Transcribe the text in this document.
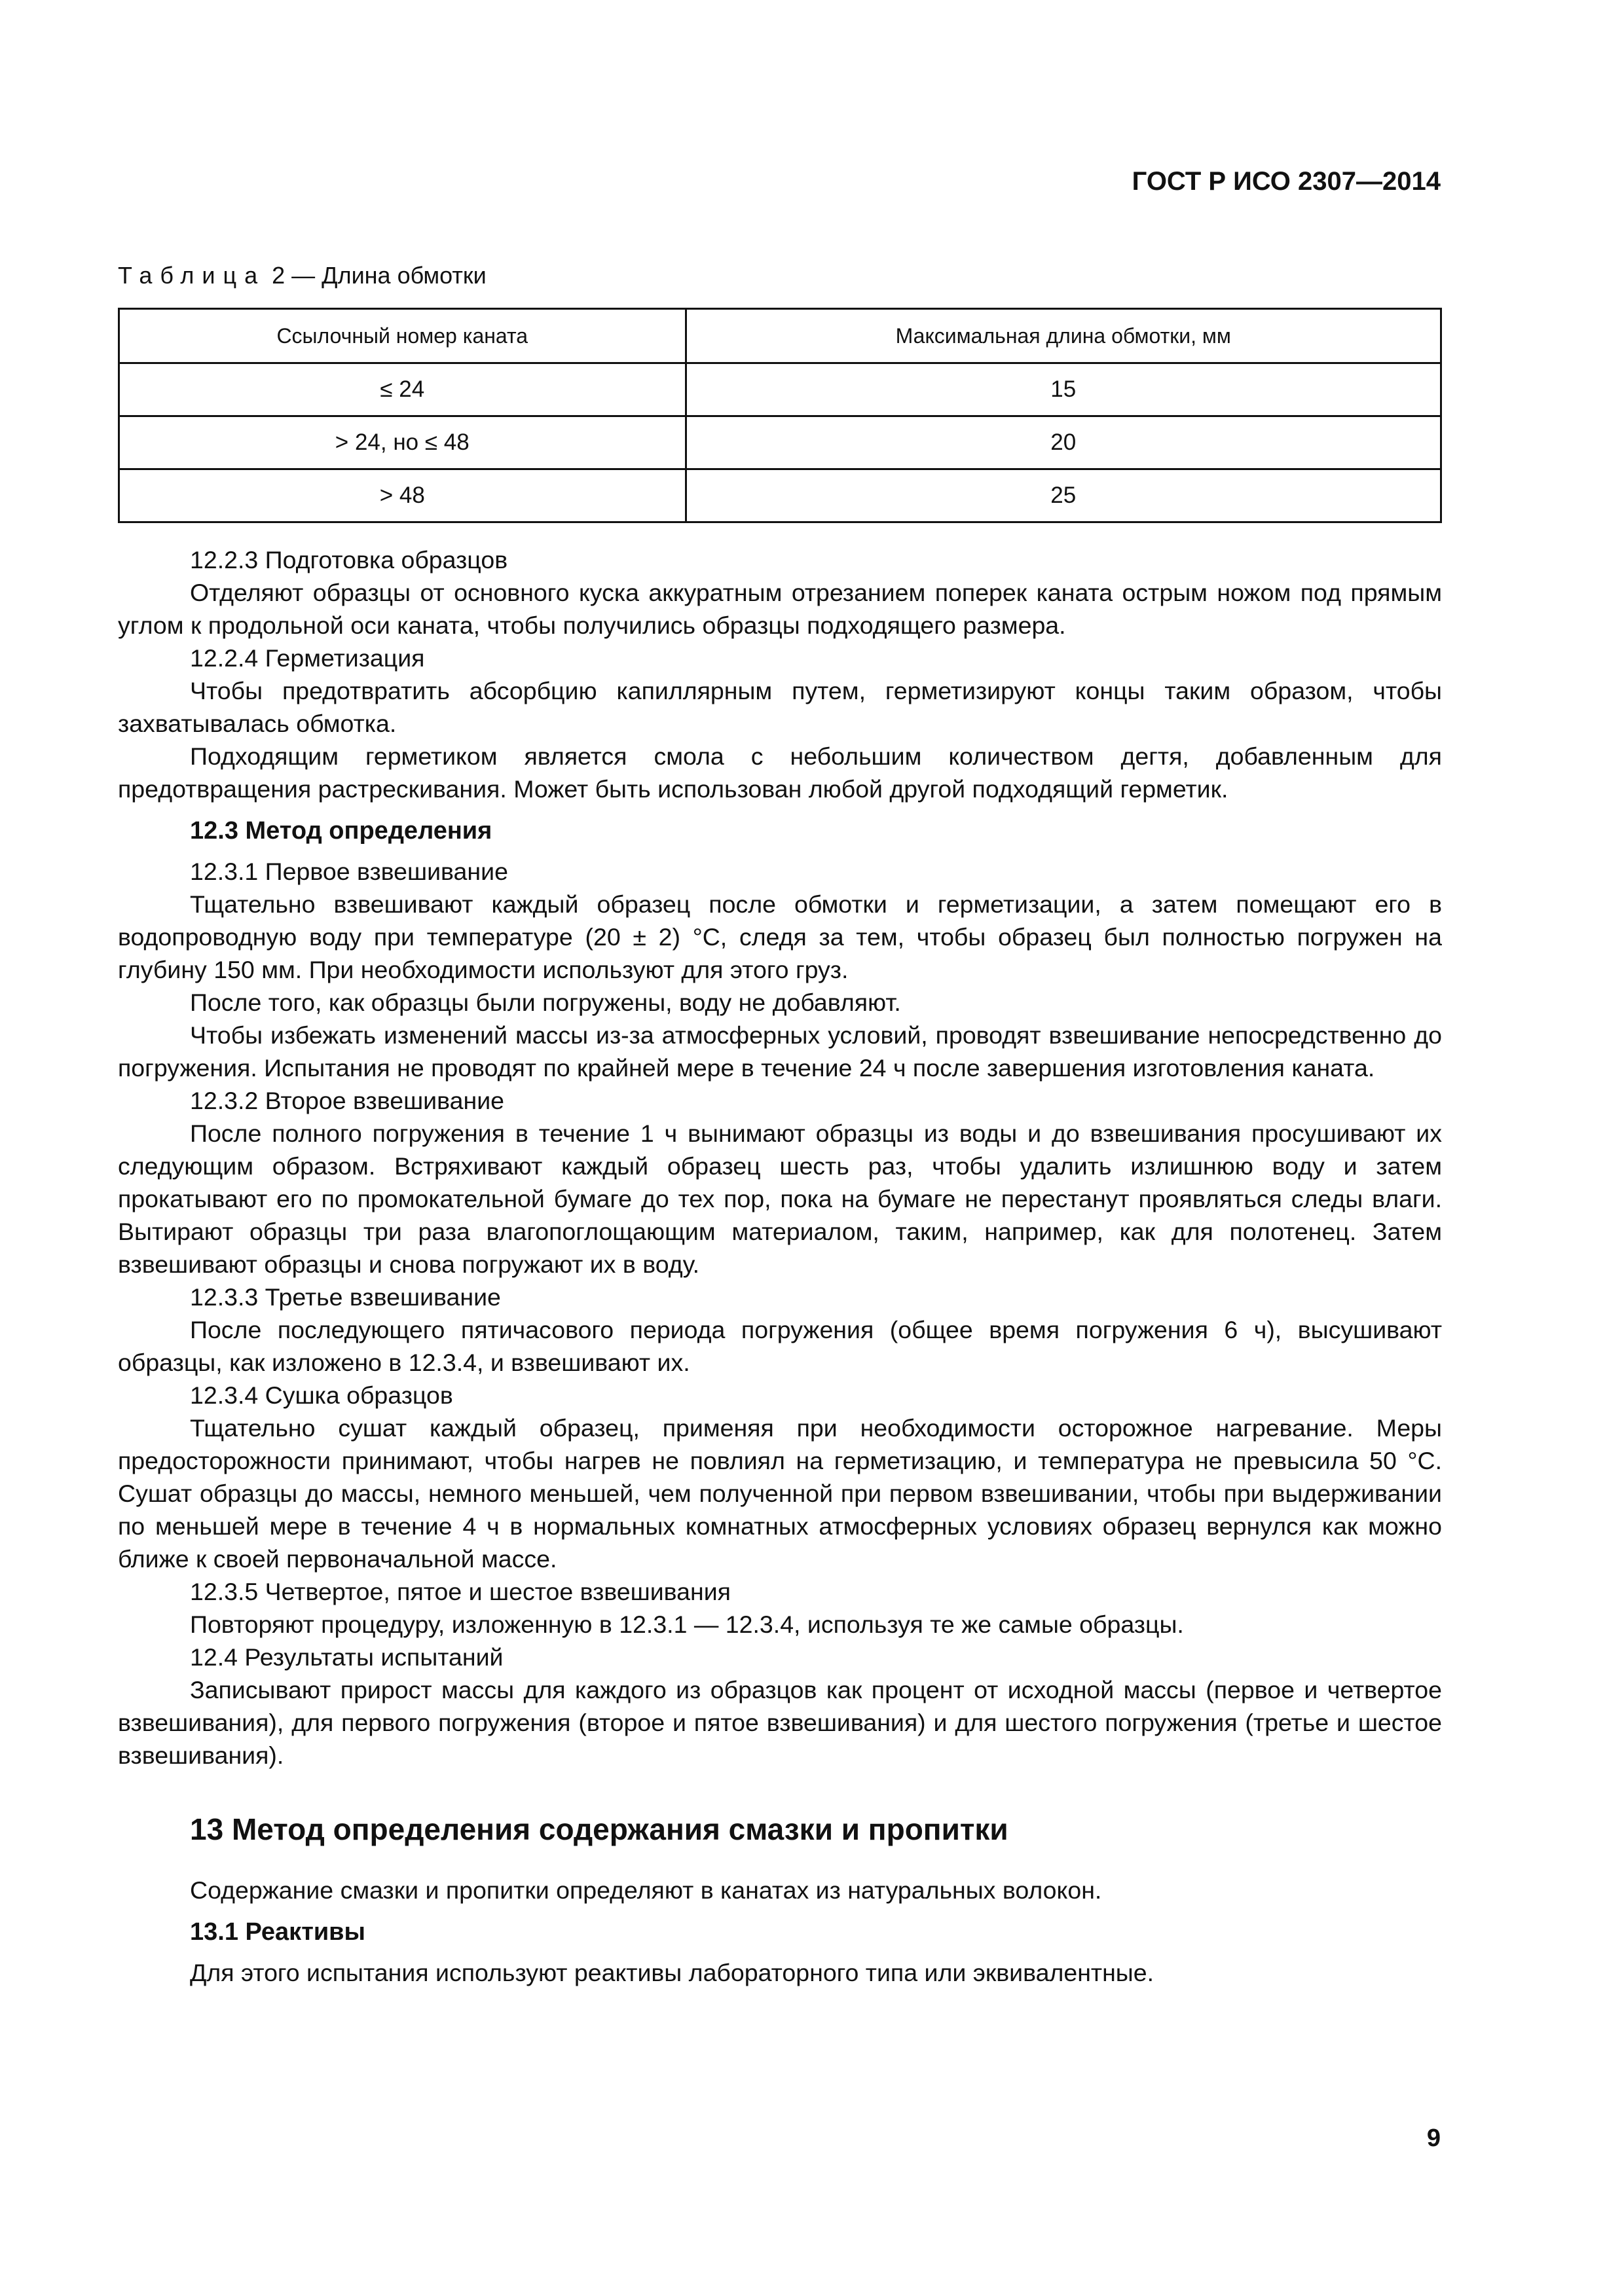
ГОСТ Р ИСО 2307—2014
Таблица 2 — Длина обмотки
Ссылочный номер каната	Максимальная длина обмотки, мм
≤ 24	15
> 24, но ≤ 48	20
> 48	25

12.2.3 Подготовка образцов

Отделяют образцы от основного куска аккуратным отрезанием поперек каната острым ножом под прямым углом к продольной оси каната, чтобы получились образцы подходящего размера.

12.2.4 Герметизация

Чтобы предотвратить абсорбцию капиллярным путем, герметизируют концы таким образом, чтобы захватывалась обмотка.

Подходящим герметиком является смола с небольшим количеством дегтя, добавленным для предотвращения растрескивания. Может быть использован любой другой подходящий герметик.

12.3 Метод определения

12.3.1 Первое взвешивание

Тщательно взвешивают каждый образец после обмотки и герметизации, а затем помещают его в водопроводную воду при температуре (20 ± 2) °С, следя за тем, чтобы образец был полностью погружен на глубину 150 мм. При необходимости используют для этого груз.

После того, как образцы были погружены, воду не добавляют.

Чтобы избежать изменений массы из-за атмосферных условий, проводят взвешивание непосредственно до погружения. Испытания не проводят по крайней мере в течение 24 ч после завершения изготовления каната.

12.3.2 Второе взвешивание

После полного погружения в течение 1 ч вынимают образцы из воды и до взвешивания просушивают их следующим образом. Встряхивают каждый образец шесть раз, чтобы удалить излишнюю воду и затем прокатывают его по промокательной бумаге до тех пор, пока на бумаге не перестанут проявляться следы влаги. Вытирают образцы три раза влагопоглощающим материалом, таким, например, как для полотенец. Затем взвешивают образцы и снова погружают их в воду.

12.3.3 Третье взвешивание

После последующего пятичасового периода погружения (общее время погружения 6 ч), высушивают образцы, как изложено в 12.3.4, и взвешивают их.

12.3.4 Сушка образцов

Тщательно сушат каждый образец, применяя при необходимости осторожное нагревание. Меры предосторожности принимают, чтобы нагрев не повлиял на герметизацию, и температура не превысила 50 °С. Сушат образцы до массы, немного меньшей, чем полученной при первом взвешивании, чтобы при выдерживании по меньшей мере в течение 4 ч в нормальных комнатных атмосферных условиях образец вернулся как можно ближе к своей первоначальной массе.

12.3.5 Четвертое, пятое и шестое взвешивания

Повторяют процедуру, изложенную в 12.3.1 — 12.3.4, используя те же самые образцы.

12.4 Результаты испытаний

Записывают прирост массы для каждого из образцов как процент от исходной массы (первое и четвертое взвешивания), для первого погружения (второе и пятое взвешивания) и для шестого погружения (третье и шестое взвешивания).

13 Метод определения содержания смазки и пропитки

Содержание смазки и пропитки определяют в канатах из натуральных волокон.

13.1 Реактивы

Для этого испытания используют реактивы лабораторного типа или эквивалентные.

9
